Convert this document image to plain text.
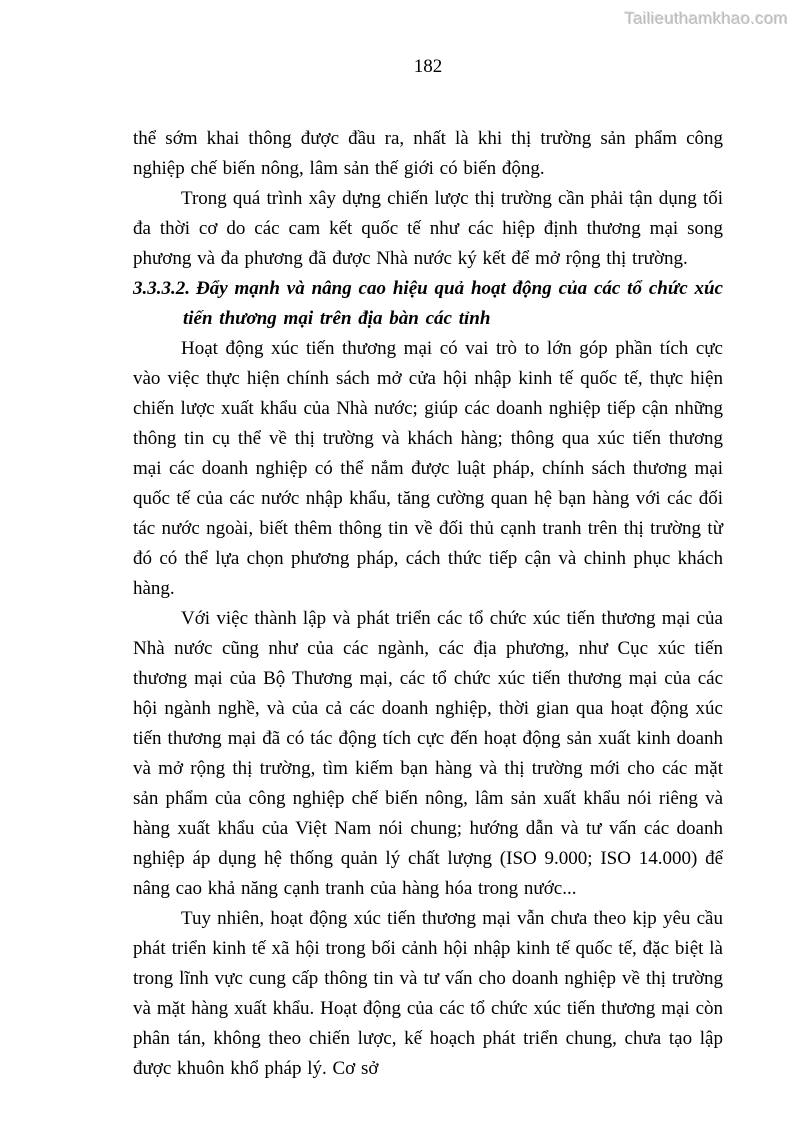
Tailieuthamkhao.com
182

thể sớm khai thông được đầu ra, nhất là khi thị trường sản phẩm công nghiệp chế biến nông, lâm sản thế giới có biến động.

Trong quá trình xây dựng chiến lược thị trường cần phải tận dụng tối đa thời cơ do các cam kết quốc tế như các hiệp định thương mại song phương và đa phương đã được Nhà nước ký kết để mở rộng thị trường.

3.3.3.2. Đẩy mạnh và nâng cao hiệu quả hoạt động của các tổ chức xúc tiến thương mại trên địa bàn các tỉnh

Hoạt động xúc tiến thương mại có vai trò to lớn góp phần tích cực vào việc thực hiện chính sách mở cửa hội nhập kinh tế quốc tế, thực hiện chiến lược xuất khẩu của Nhà nước; giúp các doanh nghiệp tiếp cận những thông tin cụ thể về thị trường và khách hàng; thông qua xúc tiến thương mại các doanh nghiệp có thể nắm được luật pháp, chính sách thương mại quốc tế của các nước nhập khẩu, tăng cường quan hệ bạn hàng với các đối tác nước ngoài, biết thêm thông tin về đối thủ cạnh tranh trên thị trường từ đó có thể lựa chọn phương pháp, cách thức tiếp cận và chinh phục khách hàng.

Với việc thành lập và phát triển các tổ chức xúc tiến thương mại của Nhà nước cũng như của các ngành, các địa phương, như Cục xúc tiến thương mại của Bộ Thương mại, các tổ chức xúc tiến thương mại của các hội ngành nghề, và của cả các doanh nghiệp, thời gian qua hoạt động xúc tiến thương mại đã có tác động tích cực đến hoạt động sản xuất kinh doanh và mở rộng thị trường, tìm kiếm bạn hàng và thị trường mới cho các mặt sản phẩm của công nghiệp chế biến nông, lâm sản xuất khẩu nói riêng và hàng xuất khẩu của Việt Nam nói chung; hướng dẫn và tư vấn các doanh nghiệp áp dụng hệ thống quản lý chất lượng (ISO 9.000; ISO 14.000) để nâng cao khả năng cạnh tranh của hàng hóa trong nước...

Tuy nhiên, hoạt động xúc tiến thương mại vẫn chưa theo kịp yêu cầu phát triển kinh tế xã hội trong bối cảnh hội nhập kinh tế quốc tế, đặc biệt là trong lĩnh vực cung cấp thông tin và tư vấn cho doanh nghiệp về thị trường và mặt hàng xuất khẩu. Hoạt động của các tổ chức xúc tiến thương mại còn phân tán, không theo chiến lược, kế hoạch phát triển chung, chưa tạo lập được khuôn khổ pháp lý. Cơ sở
